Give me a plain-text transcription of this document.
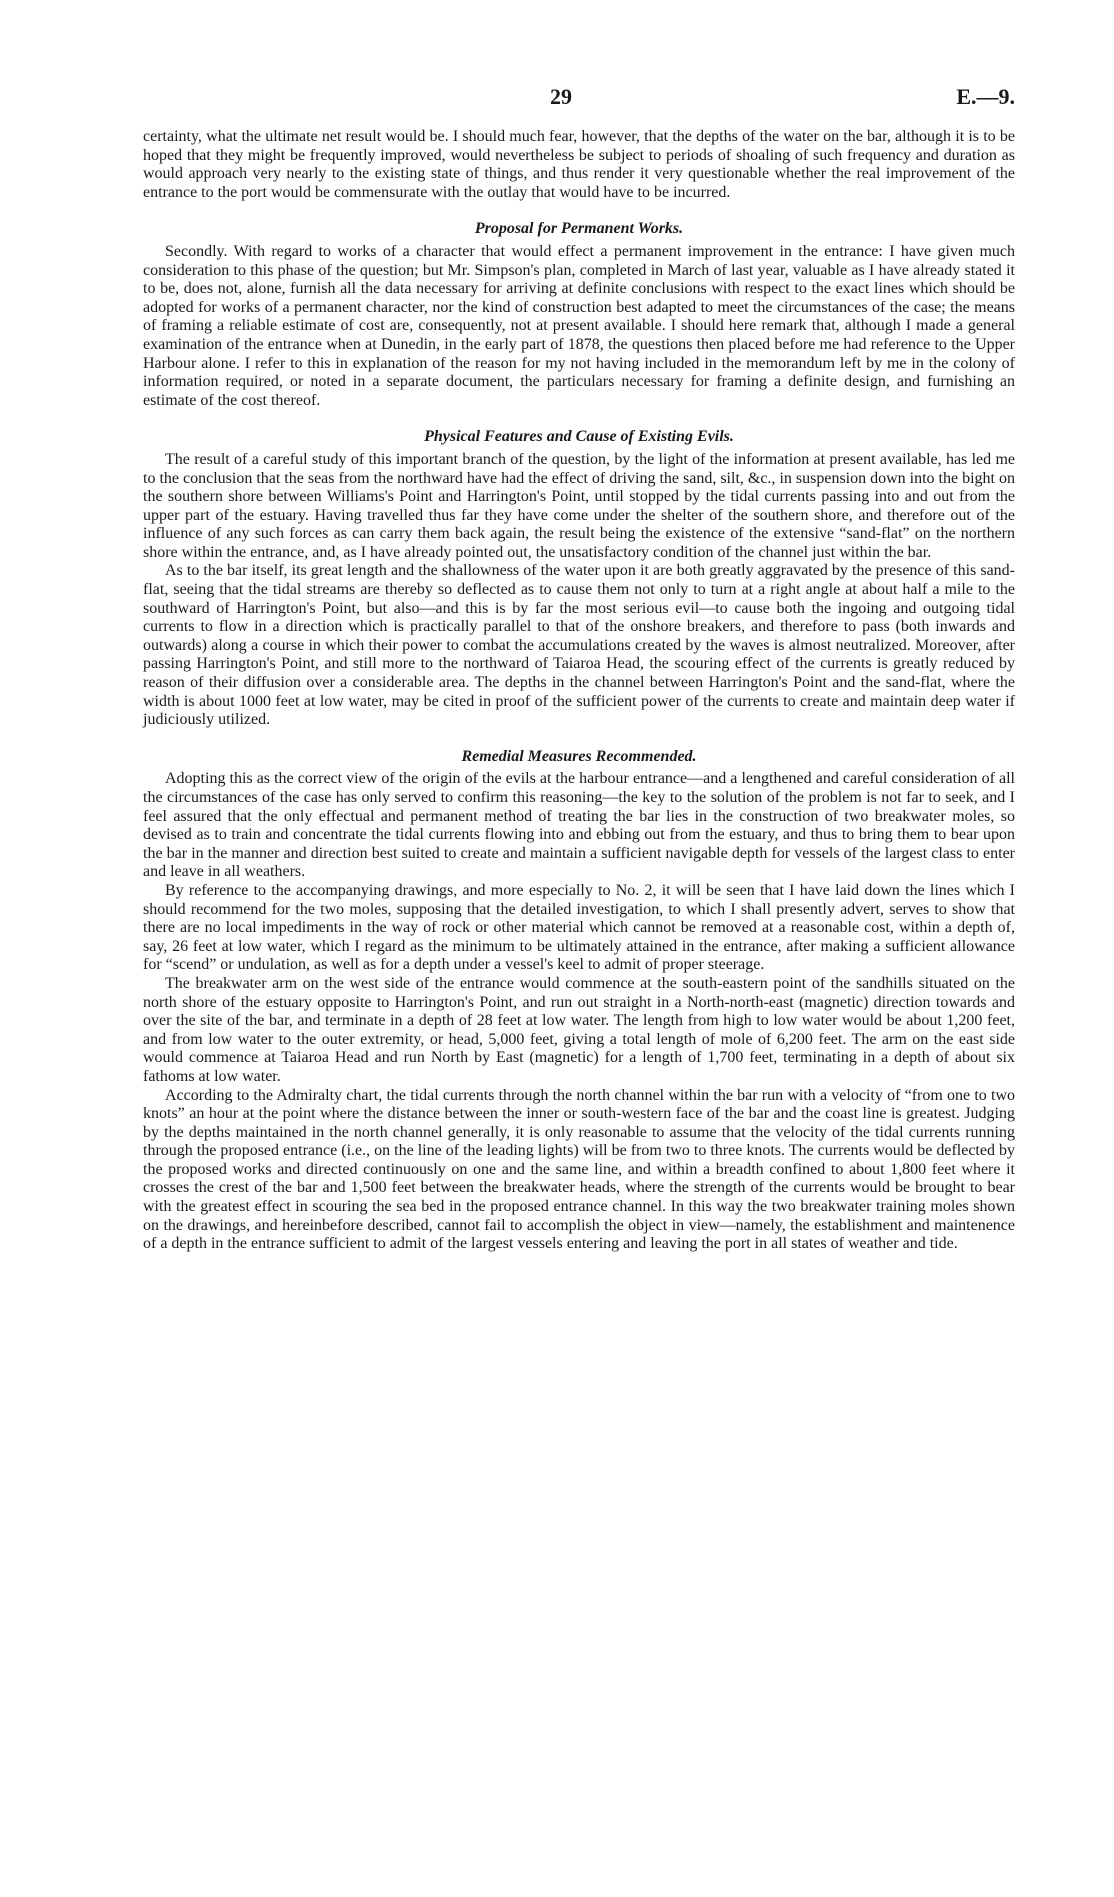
29	E.—9.

certainty, what the ultimate net result would be. I should much fear, however, that the depths of the water on the bar, although it is to be hoped that they might be frequently improved, would nevertheless be subject to periods of shoaling of such frequency and duration as would approach very nearly to the existing state of things, and thus render it very questionable whether the real improvement of the entrance to the port would be commensurate with the outlay that would have to be incurred.

Proposal for Permanent Works.

Secondly. With regard to works of a character that would effect a permanent improvement in the entrance: I have given much consideration to this phase of the question; but Mr. Simpson's plan, completed in March of last year, valuable as I have already stated it to be, does not, alone, furnish all the data necessary for arriving at definite conclusions with respect to the exact lines which should be adopted for works of a permanent character, nor the kind of construction best adapted to meet the circumstances of the case; the means of framing a reliable estimate of cost are, consequently, not at present available. I should here remark that, although I made a general examination of the entrance when at Dunedin, in the early part of 1878, the questions then placed before me had reference to the Upper Harbour alone. I refer to this in explanation of the reason for my not having included in the memorandum left by me in the colony of information required, or noted in a separate document, the particulars necessary for framing a definite design, and furnishing an estimate of the cost thereof.

Physical Features and Cause of Existing Evils.

The result of a careful study of this important branch of the question, by the light of the information at present available, has led me to the conclusion that the seas from the northward have had the effect of driving the sand, silt, &c., in suspension down into the bight on the southern shore between Williams's Point and Harrington's Point, until stopped by the tidal currents passing into and out from the upper part of the estuary. Having travelled thus far they have come under the shelter of the southern shore, and therefore out of the influence of any such forces as can carry them back again, the result being the existence of the extensive “sand-flat” on the northern shore within the entrance, and, as I have already pointed out, the unsatisfactory condition of the channel just within the bar.

As to the bar itself, its great length and the shallowness of the water upon it are both greatly aggravated by the presence of this sand-flat, seeing that the tidal streams are thereby so deflected as to cause them not only to turn at a right angle at about half a mile to the southward of Harrington's Point, but also—and this is by far the most serious evil—to cause both the ingoing and outgoing tidal currents to flow in a direction which is practically parallel to that of the onshore breakers, and therefore to pass (both inwards and outwards) along a course in which their power to combat the accumulations created by the waves is almost neutralized. Moreover, after passing Harrington's Point, and still more to the northward of Taiaroa Head, the scouring effect of the currents is greatly reduced by reason of their diffusion over a considerable area. The depths in the channel between Harrington's Point and the sand-flat, where the width is about 1000 feet at low water, may be cited in proof of the sufficient power of the currents to create and maintain deep water if judiciously utilized.

Remedial Measures Recommended.

Adopting this as the correct view of the origin of the evils at the harbour entrance—and a lengthened and careful consideration of all the circumstances of the case has only served to confirm this reasoning—the key to the solution of the problem is not far to seek, and I feel assured that the only effectual and permanent method of treating the bar lies in the construction of two breakwater moles, so devised as to train and concentrate the tidal currents flowing into and ebbing out from the estuary, and thus to bring them to bear upon the bar in the manner and direction best suited to create and maintain a sufficient navigable depth for vessels of the largest class to enter and leave in all weathers.

By reference to the accompanying drawings, and more especially to No. 2, it will be seen that I have laid down the lines which I should recommend for the two moles, supposing that the detailed investigation, to which I shall presently advert, serves to show that there are no local impediments in the way of rock or other material which cannot be removed at a reasonable cost, within a depth of, say, 26 feet at low water, which I regard as the minimum to be ultimately attained in the entrance, after making a sufficient allowance for “scend” or undulation, as well as for a depth under a vessel's keel to admit of proper steerage.

The breakwater arm on the west side of the entrance would commence at the south-eastern point of the sandhills situated on the north shore of the estuary opposite to Harrington's Point, and run out straight in a North-north-east (magnetic) direction towards and over the site of the bar, and terminate in a depth of 28 feet at low water. The length from high to low water would be about 1,200 feet, and from low water to the outer extremity, or head, 5,000 feet, giving a total length of mole of 6,200 feet. The arm on the east side would commence at Taiaroa Head and run North by East (magnetic) for a length of 1,700 feet, terminating in a depth of about six fathoms at low water.

According to the Admiralty chart, the tidal currents through the north channel within the bar run with a velocity of “from one to two knots” an hour at the point where the distance between the inner or south-western face of the bar and the coast line is greatest. Judging by the depths maintained in the north channel generally, it is only reasonable to assume that the velocity of the tidal currents running through the proposed entrance (i.e., on the line of the leading lights) will be from two to three knots. The currents would be deflected by the proposed works and directed continuously on one and the same line, and within a breadth confined to about 1,800 feet where it crosses the crest of the bar and 1,500 feet between the breakwater heads, where the strength of the currents would be brought to bear with the greatest effect in scouring the sea bed in the proposed entrance channel. In this way the two breakwater training moles shown on the drawings, and hereinbefore described, cannot fail to accomplish the object in view—namely, the establishment and maintenence of a depth in the entrance sufficient to admit of the largest vessels entering and leaving the port in all states of weather and tide.
